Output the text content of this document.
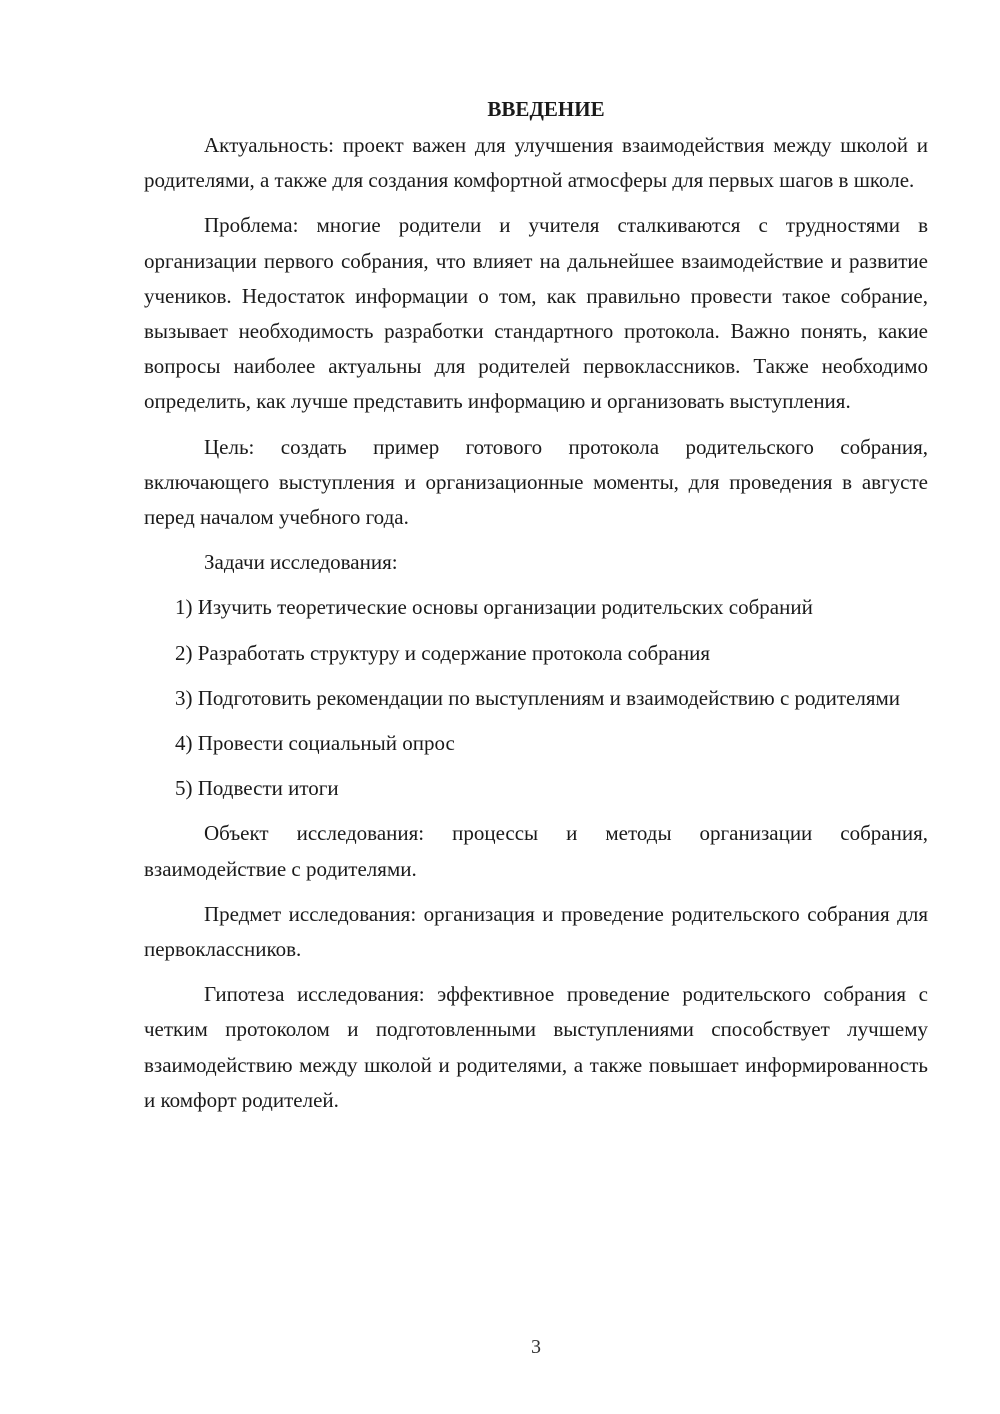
ВВЕДЕНИЕ

Актуальность: проект важен для улучшения взаимодействия между школой и родителями, а также для создания комфортной атмосферы для первых шагов в школе.

Проблема: многие родители и учителя сталкиваются с трудностями в организации первого собрания, что влияет на дальнейшее взаимодействие и развитие учеников. Недостаток информации о том, как правильно провести такое собрание, вызывает необходимость разработки стандартного протокола. Важно понять, какие вопросы наиболее актуальны для родителей первоклассников. Также необходимо определить, как лучше представить информацию и организовать выступления.

Цель: создать пример готового протокола родительского собрания, включающего выступления и организационные моменты, для проведения в августе перед началом учебного года.

Задачи исследования:

1) Изучить теоретические основы организации родительских собраний

2) Разработать структуру и содержание протокола собрания

3) Подготовить рекомендации по выступлениям и взаимодействию с родителями

4) Провести социальный опрос

5) Подвести итоги

Объект исследования: процессы и методы организации собрания, взаимодействие с родителями.

Предмет исследования: организация и проведение родительского собрания для первоклассников.

Гипотеза исследования: эффективное проведение родительского собрания с четким протоколом и подготовленными выступлениями способствует лучшему взаимодействию между школой и родителями, а также повышает информированность и комфорт родителей.

3
